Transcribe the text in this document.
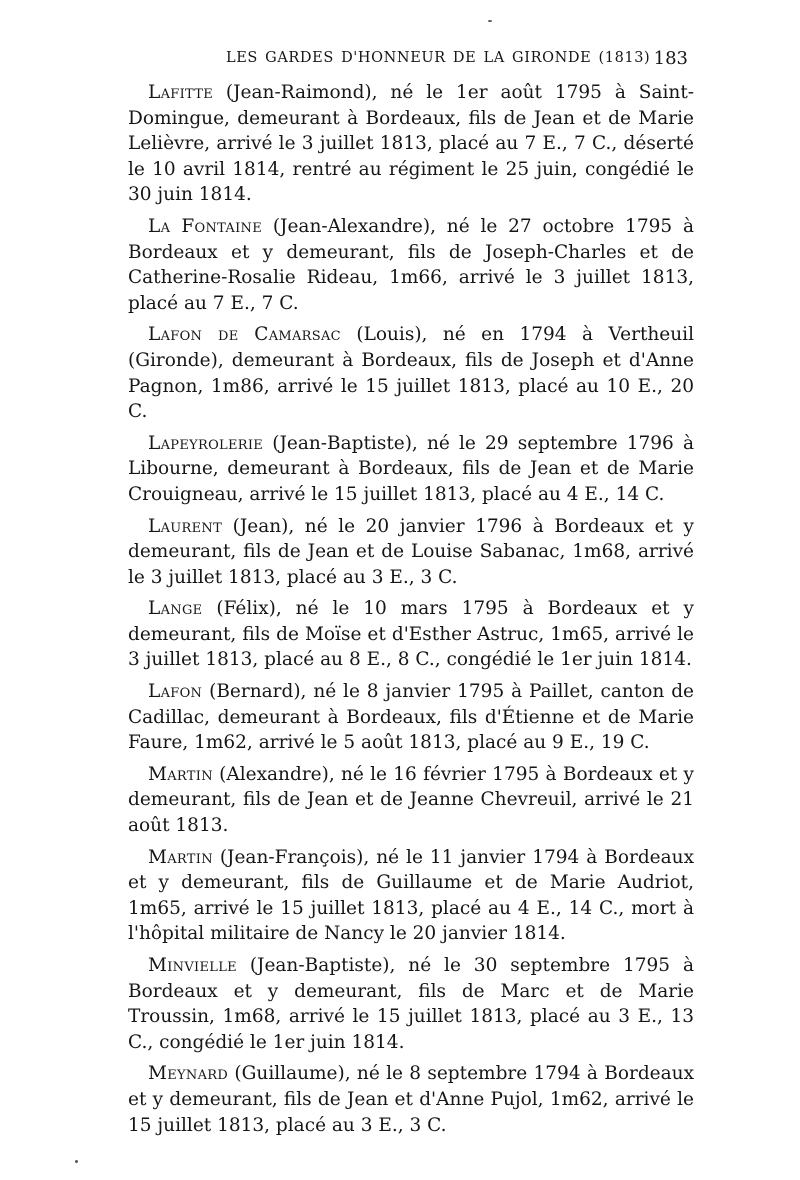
LES GARDES D'HONNEUR DE LA GIRONDE (1813) 183

Lafitte (Jean-Raimond), né le 1er août 1795 à Saint-Domingue, demeurant à Bordeaux, fils de Jean et de Marie Lelièvre, arrivé le 3 juillet 1813, placé au 7 E., 7 C., déserté le 10 avril 1814, rentré au régiment le 25 juin, congédié le 30 juin 1814.

La Fontaine (Jean-Alexandre), né le 27 octobre 1795 à Bordeaux et y demeurant, fils de Joseph-Charles et de Catherine-Rosalie Rideau, 1m66, arrivé le 3 juillet 1813, placé au 7 E., 7 C.

Lafon de Camarsac (Louis), né en 1794 à Vertheuil (Gironde), demeurant à Bordeaux, fils de Joseph et d'Anne Pagnon, 1m86, arrivé le 15 juillet 1813, placé au 10 E., 20 C.

Lapeyrolerie (Jean-Baptiste), né le 29 septembre 1796 à Libourne, demeurant à Bordeaux, fils de Jean et de Marie Crouigneau, arrivé le 15 juillet 1813, placé au 4 E., 14 C.

Laurent (Jean), né le 20 janvier 1796 à Bordeaux et y demeurant, fils de Jean et de Louise Sabanac, 1m68, arrivé le 3 juillet 1813, placé au 3 E., 3 C.

Lange (Félix), né le 10 mars 1795 à Bordeaux et y demeurant, fils de Moïse et d'Esther Astruc, 1m65, arrivé le 3 juillet 1813, placé au 8 E., 8 C., congédié le 1er juin 1814.

Lafon (Bernard), né le 8 janvier 1795 à Paillet, canton de Cadillac, demeurant à Bordeaux, fils d'Étienne et de Marie Faure, 1m62, arrivé le 5 août 1813, placé au 9 E., 19 C.

Martin (Alexandre), né le 16 février 1795 à Bordeaux et y demeurant, fils de Jean et de Jeanne Chevreuil, arrivé le 21 août 1813.

Martin (Jean-François), né le 11 janvier 1794 à Bordeaux et y demeurant, fils de Guillaume et de Marie Audriot, 1m65, arrivé le 15 juillet 1813, placé au 4 E., 14 C., mort à l'hôpital militaire de Nancy le 20 janvier 1814.

Minvielle (Jean-Baptiste), né le 30 septembre 1795 à Bordeaux et y demeurant, fils de Marc et de Marie Troussin, 1m68, arrivé le 15 juillet 1813, placé au 3 E., 13 C., congédié le 1er juin 1814.

Meynard (Guillaume), né le 8 septembre 1794 à Bordeaux et y demeurant, fils de Jean et d'Anne Pujol, 1m62, arrivé le 15 juillet 1813, placé au 3 E., 3 C.
